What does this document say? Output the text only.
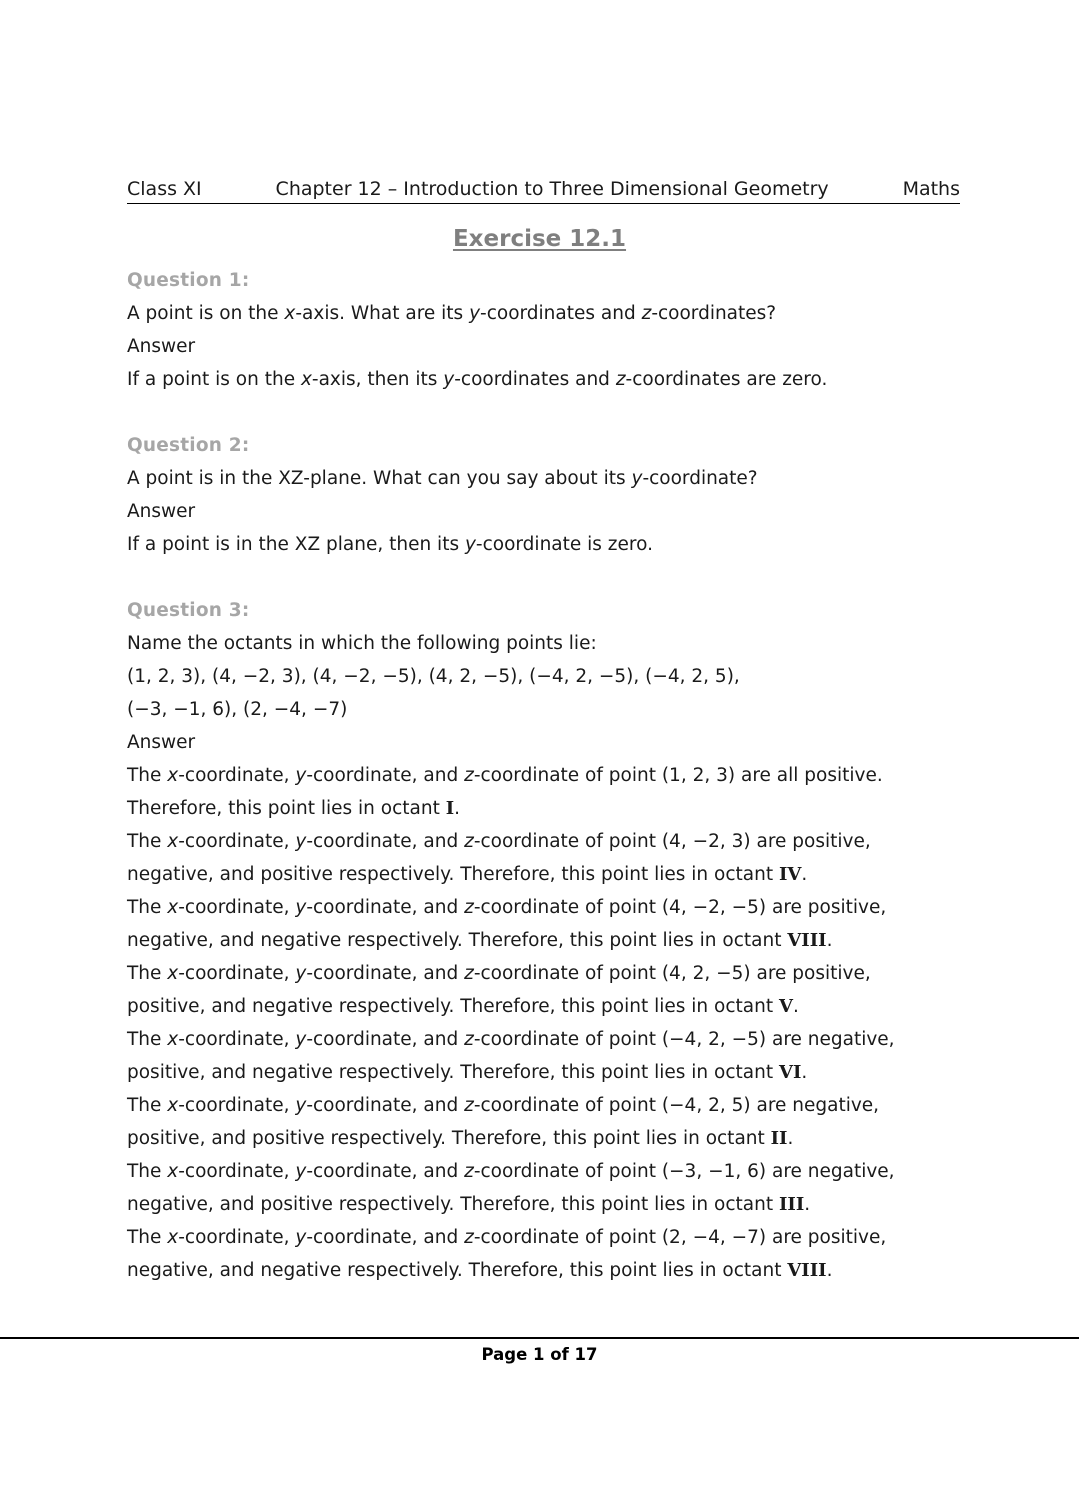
Class XI	Chapter 12 – Introduction to Three Dimensional Geometry	Maths
Exercise 12.1
Question 1:
A point is on the x-axis. What are its y-coordinates and z-coordinates?
Answer
If a point is on the x-axis, then its y-coordinates and z-coordinates are zero.
Question 2:
A point is in the XZ-plane. What can you say about its y-coordinate?
Answer
If a point is in the XZ plane, then its y-coordinate is zero.
Question 3:
Name the octants in which the following points lie:
(1, 2, 3), (4, −2, 3), (4, −2, −5), (4, 2, −5), (−4, 2, −5), (−4, 2, 5),
(−3, −1, 6), (2, −4, −7)
Answer
The x-coordinate, y-coordinate, and z-coordinate of point (1, 2, 3) are all positive.
Therefore, this point lies in octant I.
The x-coordinate, y-coordinate, and z-coordinate of point (4, −2, 3) are positive,
negative, and positive respectively. Therefore, this point lies in octant IV.
The x-coordinate, y-coordinate, and z-coordinate of point (4, −2, −5) are positive,
negative, and negative respectively. Therefore, this point lies in octant VIII.
The x-coordinate, y-coordinate, and z-coordinate of point (4, 2, −5) are positive,
positive, and negative respectively. Therefore, this point lies in octant V.
The x-coordinate, y-coordinate, and z-coordinate of point (−4, 2, −5) are negative,
positive, and negative respectively. Therefore, this point lies in octant VI.
The x-coordinate, y-coordinate, and z-coordinate of point (−4, 2, 5) are negative,
positive, and positive respectively. Therefore, this point lies in octant II.
The x-coordinate, y-coordinate, and z-coordinate of point (−3, −1, 6) are negative,
negative, and positive respectively. Therefore, this point lies in octant III.
The x-coordinate, y-coordinate, and z-coordinate of point (2, −4, −7) are positive,
negative, and negative respectively. Therefore, this point lies in octant VIII.
Page 1 of 17
